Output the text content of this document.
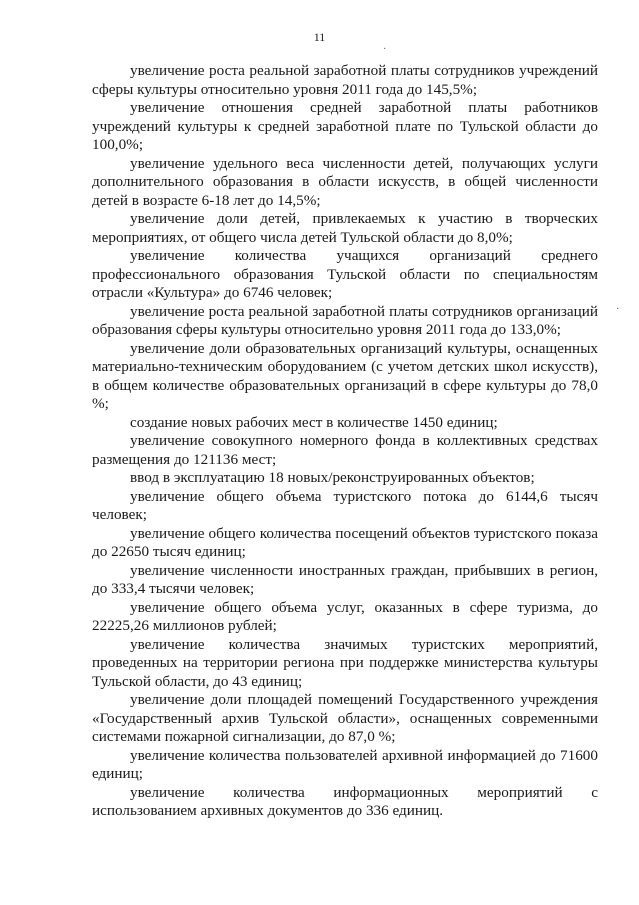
11
·
·

увеличение роста реальной заработной платы сотрудников учреждений сферы культуры относительно уровня 2011 года до 145,5%;

увеличение отношения средней заработной платы работников учреждений культуры к средней заработной плате по Тульской области до 100,0%;

увеличение удельного веса численности детей, получающих услуги дополнительного образования в области искусств, в общей численности детей в возрасте 6-18 лет до 14,5%;

увеличение доли детей, привлекаемых к участию в творческих мероприятиях, от общего числа детей Тульской области до 8,0%;

увеличение количества учащихся организаций среднего профессионального образования Тульской области по специальностям отрасли «Культура» до 6746 человек;

увеличение роста реальной заработной платы сотрудников организаций образования сферы культуры относительно уровня 2011 года до 133,0%;

увеличение доли образовательных организаций культуры, оснащенных материально-техническим оборудованием (с учетом детских школ искусств), в общем количестве образовательных организаций в сфере культуры до 78,0 %;

создание новых рабочих мест в количестве 1450 единиц;

увеличение совокупного номерного фонда в коллективных средствах размещения до 121136 мест;

ввод в эксплуатацию 18 новых/реконструированных объектов;

увеличение общего объема туристского потока до 6144,6 тысяч человек;

увеличение общего количества посещений объектов туристского показа до 22650 тысяч единиц;

увеличение численности иностранных граждан, прибывших в регион, до 333,4 тысячи человек;

увеличение общего объема услуг, оказанных в сфере туризма, до 22225,26 миллионов рублей;

увеличение количества значимых туристских мероприятий, проведенных на территории региона при поддержке министерства культуры Тульской области, до 43 единиц;

увеличение доли площадей помещений Государственного учреждения «Государственный архив Тульской области», оснащенных современными системами пожарной сигнализации, до 87,0 %;

увеличение количества пользователей архивной информацией до 71600 единиц;

увеличение количества информационных мероприятий с использованием архивных документов до 336 единиц.
